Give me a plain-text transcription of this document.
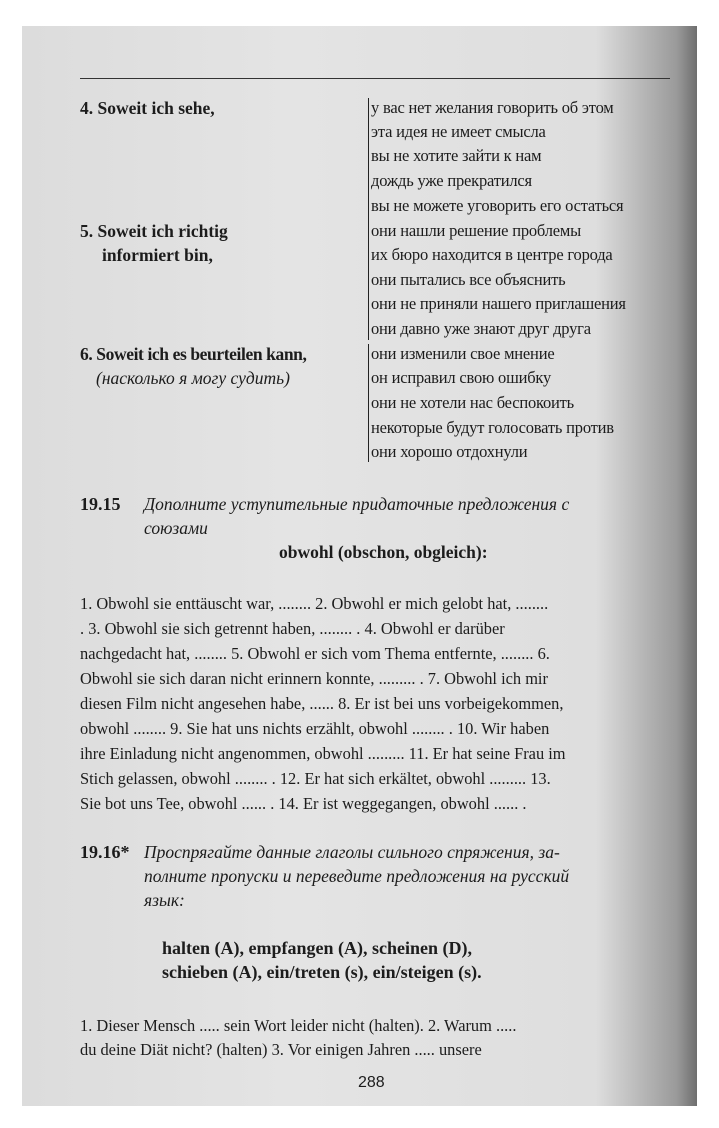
4. Soweit ich sehe,	у вас нет желания говорить об этом
эта идея не имеет смысла
вы не хотите зайти к нам
дождь уже прекратился
вы не можете уговорить его остаться
5. Soweit ich richtig
informiert bin,
они нашли решение проблемы
их бюро находится в центре города
они пытались все объяснить
они не приняли нашего приглашения
они давно уже знают друг друга
6. Soweit ich es beurteilen kann,
(насколько я могу судить)
они изменили свое мнение
он исправил свою ошибку
они не хотели нас беспокоить
некоторые будут голосовать против
они хорошо отдохнули
19.15 Дополните уступительные придаточные предложения с
союзами
obwohl (obschon, obgleich):
1. Obwohl sie enttäuscht war, ........ 2. Obwohl er mich gelobt hat, ........
. 3. Obwohl sie sich getrennt haben, ........ . 4. Obwohl er darüber
nachgedacht hat, ........ 5. Obwohl er sich vom Thema entfernte, ........ 6.
Obwohl sie sich daran nicht erinnern konnte, ......... . 7. Obwohl ich mir
diesen Film nicht angesehen habe, ...... 8. Er ist bei uns vorbeigekommen,
obwohl ........ 9. Sie hat uns nichts erzählt, obwohl ........ . 10. Wir haben
ihre Einladung nicht angenommen, obwohl ......... 11. Er hat seine Frau im
Stich gelassen, obwohl ........ . 12. Er hat sich erkältet, obwohl ......... 13.
Sie bot uns Tee, obwohl ...... . 14. Er ist weggegangen, obwohl ...... .
19.16* Проспрягайте данные глаголы сильного спряжения, за-
полните пропуски и переведите предложения на русский
язык:
halten (A), empfangen (A), scheinen (D),
schieben (A), ein/treten (s), ein/steigen (s).
1. Dieser Mensch ..... sein Wort leider nicht (halten). 2. Warum .....
du deine Diät nicht? (halten) 3. Vor einigen Jahren ..... unsere
288
